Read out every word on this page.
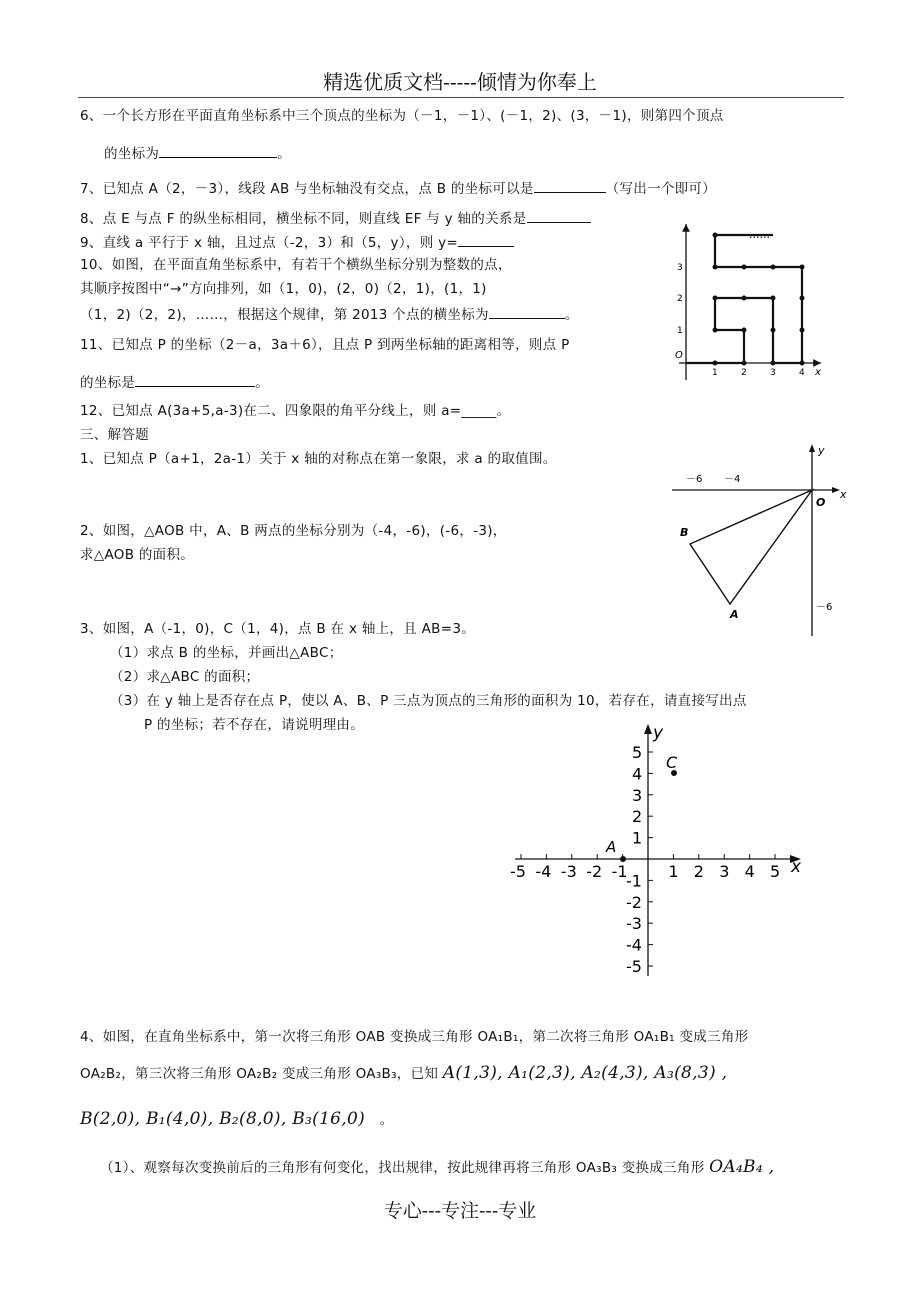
精选优质文档-----倾情为你奉上
6、一个长方形在平面直角坐标系中三个顶点的坐标为（－1，－1）、(－1，2)、(3，－1)，则第四个顶点
的坐标为	。
7、已知点 A（2，－3），线段 AB 与坐标轴没有交点，点 B 的坐标可以是	（写出一个即可）
8、点 E 与点 F 的纵坐标相同，横坐标不同，则直线 EF 与 y 轴的关系是
9、直线 a 平行于 x 轴，且过点（-2，3）和（5，y），则 y=
10、如图，在平面直角坐标系中，有若干个横纵坐标分别为整数的点，
其顺序按图中“→”方向排列，如（1，0)，(2，0)（2，1)，(1，1)
（1，2)（2，2)，……，根据这个规律，第 2013 个点的横坐标为	。
11、已知点 P 的坐标（2－a，3a＋6），且点 P 到两坐标轴的距离相等，则点 P
的坐标是	。
12、已知点 A(3a+5,a-3)在二、四象限的角平分线上，则 a=_____。
三、解答题
1、已知点 P（a+1，2a-1）关于 x 轴的对称点在第一象限，求 a 的取值围。
2、如图，△AOB 中，A、B 两点的坐标分别为（-4，-6)，(-6，-3)，
求△AOB 的面积。
3、如图，A（-1，0)，C（1，4)，点 B 在 x 轴上，且 AB=3。
（1）求点 B 的坐标，并画出△ABC；
（2）求△ABC 的面积；
（3）在 y 轴上是否存在点 P，使以 A、B、P 三点为顶点的三角形的面积为 10，若存在，请直接写出点
P 的坐标；若不存在，请说明理由。
4、如图，在直角坐标系中，第一次将三角形 OAB 变换成三角形 OA₁B₁，第二次将三角形 OA₁B₁ 变成三角形
OA₂B₂，第三次将三角形 OA₂B₂ 变成三角形 OA₃B₃，已知 A(1,3), A₁(2,3), A₂(4,3), A₃(8,3) ,
B(2,0), B₁(4,0), B₂(8,0), B₃(16,0) 。
（1）、观察每次变换前后的三角形有何变化，找出规律，按此规律再将三角形 OA₃B₃ 变换成三角形 OA₄B₄ ,
专心---专注---专业
......
O
x
1	2	3	4
1
2
3
y
x
O
B
A
－6 －4
－6
-5 -4 -3 -2 -1	1 2 3 4 5
5
4
3
2
1
-1
-2
-3
-4
-5
y
x
A
C
